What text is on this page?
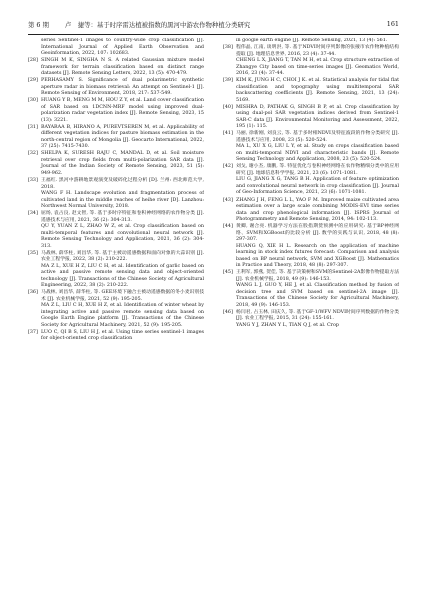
第 6 期	卢　捷等：基于时序雷达植被指数的黑河中游农作物种植分类研究	161
series Sentinel-1 images to country-wide crop classification [J]. International Journal of Applied Earth Observation and Geoinformation, 2022, 107: 102683.
[28] SINGH M K, SINGHA N S. A related Gaussian mixture model framework for terrain classification based on distinct range datasets [J]. Remote Sensing Letters, 2022, 13 (5): 470-479.
[29] PERHASAMY S. Significance of dual polarimetric synthetic aperture radar in biomass retrieval: An attempt on Sentinel-1 [J]. Remote Sensing of Environment, 2018, 217: 537-549.
[30] HUANG Y B, MENG M M, HOU Z Y, et al. Land cover classification of SAR based on 1DCNN-MRF model using improved dual-polarization radar vegetation index [J]. Remote Sensing, 2023, 15 (13): 3221.
[31] BAYARAA B, HIRANO A, PUREVTSEREN M, et al. Applicability of different vegetation indices for pasture biomass estimation in the north-central region of Mongolia [J]. Geocarto International, 2022, 37 (25): 7415-7430.
[32] SHELPA K, SURESH RAJU C, MANDAL D, et al. Soil moisture retrieval over crop fields from multi-polarization SAR data [J]. Journal of the Indian Society of Remote Sensing, 2023, 51 (5): 949-962.
[33] 王福红. 黑河中游耕地景观演变及破碎化过程分析 [D]. 兰州: 西北师范大学, 2018.
WANG F H. Landscape evolution and fragmentation process of cultivated land in the middle reaches of heihe river [D]. Lanzhou: Northwest Normal University, 2018.
[34] 屈炀, 袁占良, 赵文智, 等. 基于多时序特征和卷积神经网络的农作物分类 [J]. 遥感技术与应用, 2021, 36 (2): 304-313.
QU Y, YUAN Z L, ZHAO W Z, et al. Crop classification based on multi-temporal features and convolutional neural network [J]. Remote Sensing Technology and Application, 2021, 36 (2): 304-313.
[35] 马战林, 薛华柱, 刘昌华, 等. 基于主被动遥感数据和面向对象的大蒜识别 [J]. 农业工程学报, 2022, 38 (2): 210-222.
MA Z L, XUE H Z, LIU C H, et al. Identification of garlic based on active and passive remote sensing data and object-oriented technology [J]. Transactions of the Chinese Society of Agricultural Engineering, 2022, 38 (2): 210-222.
[36] 马战林, 刘昌华, 薛华柱, 等. GEE环境下融合主被动遥感数据的冬小麦识别技术 [J]. 农业机械学报, 2021, 52 (9): 195-205.
MA Z L, LIU C H, XUE H Z, et al. Identification of winter wheat by integrating active and passive remote sensing data based on Google Earth Engine platform [J]. Transactions of the Chinese Society for Agricultural Machinery, 2021, 52 (9): 195-205.
[37] LUO C, QI B S, LIU H J, et al. Using time series sentinel-1 images for object-oriented crop classification
in google earth engine [J]. Remote Sensing, 2021, 13 (4): 561.
[38] 程伟晶, 江南, 谈明洪, 等. 基于NDVI时间序列影像的张掖市农作物种植结构提取 [J]. 地理信息世界, 2016, 23 (4): 37-44.
CHENG L X, JIANG T, TAN M H, et al. Crop structure extraction of Zhangye City based on time-series images [J]. Geomatics World, 2016, 23 (4): 37-44.
[39] KIM K, JUNG H C, CHOI J K. et al. Statistical analysis for tidal flat classification and topography using multitemporal SAR backscattering coefficients [J]. Remote Sensing, 2021, 13 (24): 5169.
[40] MISHRA D, PATHAK G, SINGH B P, et al. Crop classification by using dual-pol SAR vegetation indices derived from Sentinel-1 SAR-C data [J]. Environmental Monitoring and Assessment, 2022, 195 (1): 115.
[41] 马丽, 徐新刚, 刘良云, 等. 基于多时相NDVI及特征波段的作物分类研究 [J]. 遥感技术与应用, 2008, 23 (5): 520-524.
MA L, XU X G, LIU L Y, et al. Study on crops classification based on multi-temporal NDVI and characteristic bands [J]. Remote Sensing Technology and Application, 2008, 23 (5): 520-524.
[42] 刘戈, 谢小杰, 康鹏, 等. 特征优化与卷积神经网络在农作物精细分类中的应用研究 [J]. 地球信息科学学报, 2021, 23 (6): 1071-1081.
LIU G, JIANG X G, TANG B H. Application of feature optimization and convolutional neural network in crop classification [J]. Journal of Geo-Information Science, 2021, 23 (6): 1071-1081.
[43] ZHANG J H, FENG L L, YAO F M. Improved maize cultivated area estimation over a large scale combining MODIS-EVI time series data and crop phenological information [J]. ISPRS Journal of Photogrammetry and Remote Sensing, 2014, 94: 102-113.
[44] 黄卿, 谢合亮. 机器学习方法在股指期货预测中的应用研究: 基于BP神经网络、SVM和XGBoost的比较分析 [J]. 数学的实践与认识, 2018, 48 (8): 297-307.
HUANG Q, XIE H L. Research on the application of machine learning in stock index futures forecast: Comparison and analysis based on BP neural network, SVM and XGBoost [J]. Mathematics in Practice and Theory, 2018, 48 (8): 297-307.
[45] 王利军, 郭燕, 贺佳, 等. 基于决策树和SVM的Sentinel-2A影像作物提取方法 [J]. 农业机械学报, 2018, 49 (9): 146-153.
WANG L J, GUO Y, HE J, et al. Classification method by fusion of decision tree and SVM based on sentinel-2A image [J]. Transactions of the Chinese Society for Agricultural Machinery, 2018, 49 (9): 146-153.
[46] 杨闫君, 占玉林, 田庆久, 等. 基于GF-1/WFV NDVI时间序列数据的作物分类 [J]. 农业工程学报, 2015, 31 (24): 155-161.
YANG Y J, ZHAN Y L, TIAN Q J, et al. Crop
